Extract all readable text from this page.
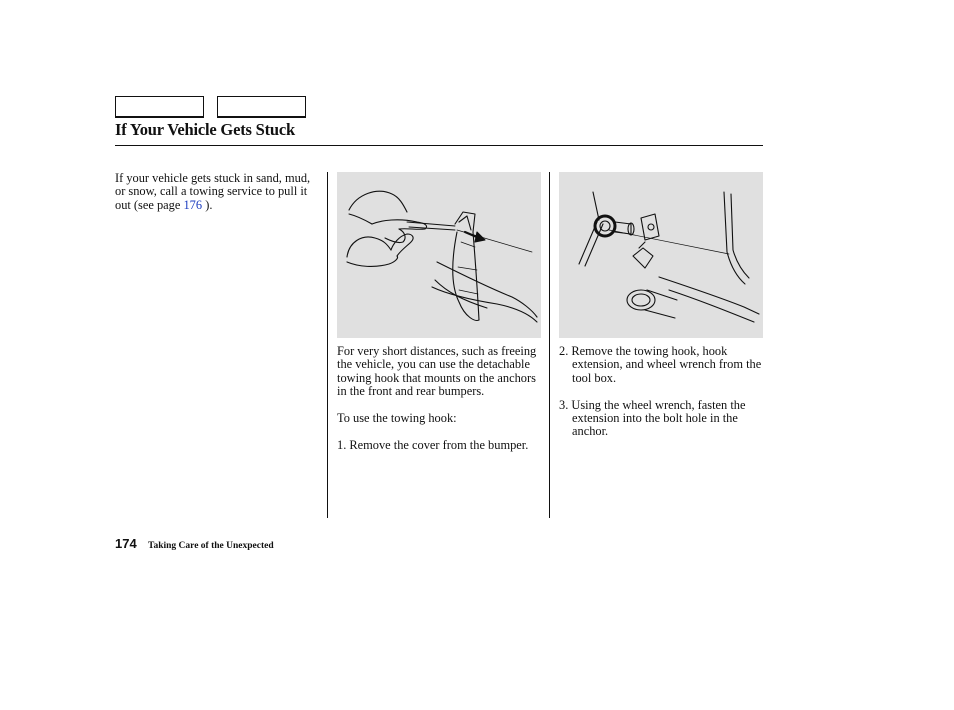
If Your Vehicle Gets Stuck

If your vehicle gets stuck in sand, mud, or snow, call a towing service to pull it out (see page 176 ).

For very short distances, such as freeing the vehicle, you can use the detachable towing hook that mounts on the anchors in the front and rear bumpers.

To use the towing hook:

1. Remove the cover from the bumper.

2. Remove the towing hook, hook extension, and wheel wrench from the tool box.

3. Using the wheel wrench, fasten the extension into the bolt hole in the anchor.

174 Taking Care of the Unexpected
